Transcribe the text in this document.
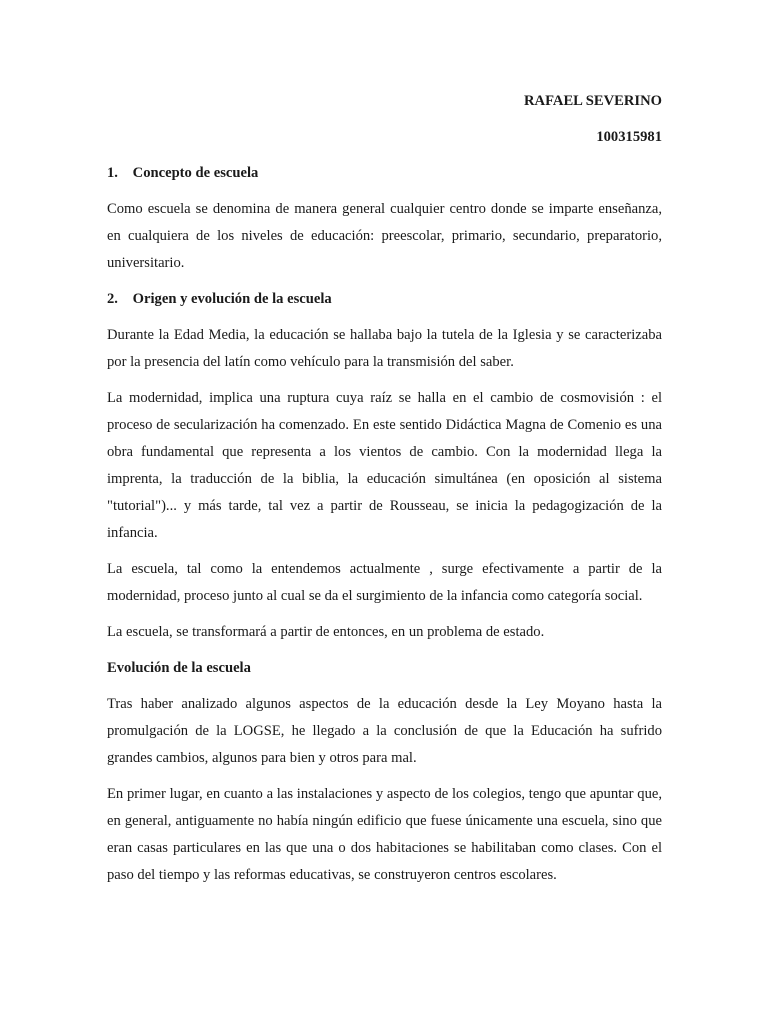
RAFAEL SEVERINO
100315981
1. Concepto de escuela

Como escuela se denomina de manera general cualquier centro donde se imparte enseñanza, en cualquiera de los niveles de educación: preescolar, primario, secundario, preparatorio, universitario.

2. Origen y evolución de la escuela

Durante la Edad Media, la educación se hallaba bajo la tutela de la Iglesia y se caracterizaba por la presencia del latín como vehículo para la transmisión del saber.

La modernidad, implica una ruptura cuya raíz se halla en el cambio de cosmovisión : el proceso de secularización ha comenzado. En este sentido Didáctica Magna de Comenio es una obra fundamental que representa a los vientos de cambio. Con la modernidad llega la imprenta, la traducción de la biblia, la educación simultánea (en oposición al sistema "tutorial")... y más tarde, tal vez a partir de Rousseau, se inicia la pedagogización de la infancia.

La escuela, tal como la entendemos actualmente , surge efectivamente a partir de la modernidad, proceso junto al cual se da el surgimiento de la infancia como categoría social.

La escuela, se transformará a partir de entonces, en un problema de estado.

Evolución de la escuela

Tras haber analizado algunos aspectos de la educación desde la Ley Moyano hasta la promulgación de la LOGSE, he llegado a la conclusión de que la Educación ha sufrido grandes cambios, algunos para bien y otros para mal.

En primer lugar, en cuanto a las instalaciones y aspecto de los colegios, tengo que apuntar que, en general, antiguamente no había ningún edificio que fuese únicamente una escuela, sino que eran casas particulares en las que una o dos habitaciones se habilitaban como clases. Con el paso del tiempo y las reformas educativas, se construyeron centros escolares.
